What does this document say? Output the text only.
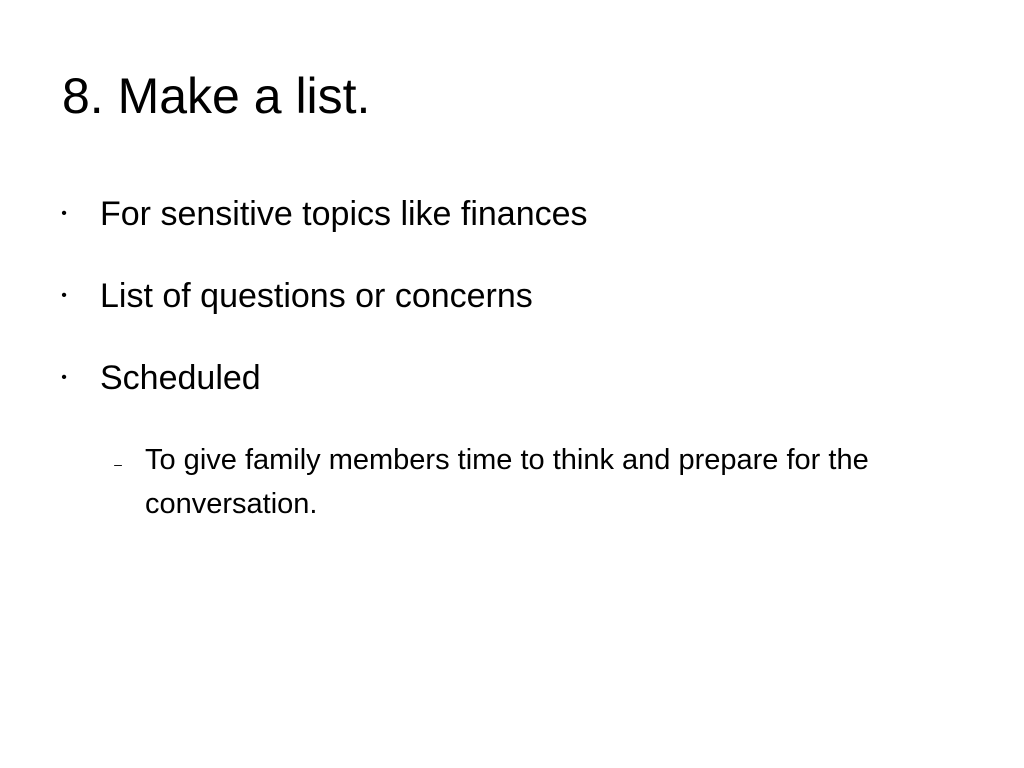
8. Make a list.
• For sensitive topics like finances
• List of questions or concerns
• Scheduled
– To give family members time to think and prepare for the conversation.
